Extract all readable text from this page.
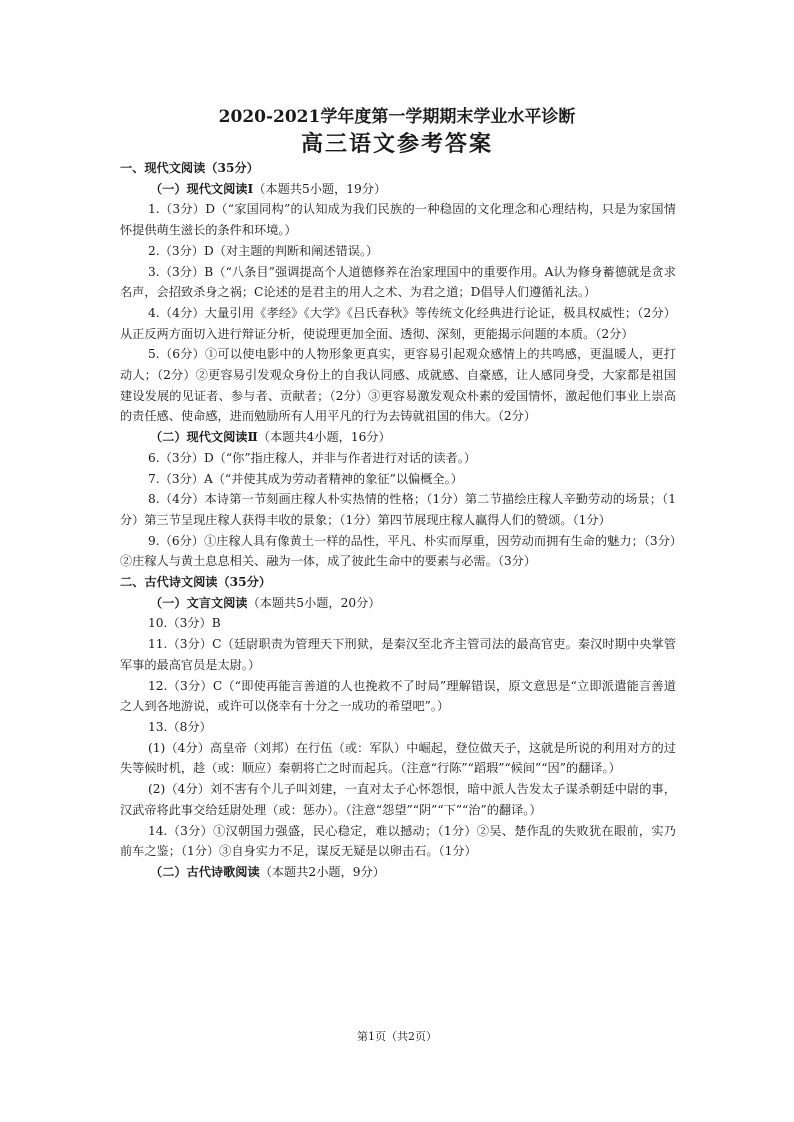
2020-2021学年度第一学期期末学业水平诊断
高三语文参考答案

一、现代文阅读（35分）

（一）现代文阅读Ⅰ（本题共5小题，19分）

1.（3分）D（“家国同构”的认知成为我们民族的一种稳固的文化理念和心理结构，只是为家国情怀提供萌生滋长的条件和环境。）

2.（3分）D（对主题的判断和阐述错误。）

3.（3分）B（“八条目”强调提高个人道德修养在治家理国中的重要作用。A认为修身蓄德就是贪求名声，会招致杀身之祸；C论述的是君主的用人之术、为君之道；D倡导人们遵循礼法。）

4.（4分）大量引用《孝经》《大学》《吕氏春秋》等传统文化经典进行论证，极具权威性；（2分）从正反两方面切入进行辩证分析，使说理更加全面、透彻、深刻，更能揭示问题的本质。（2分）

5.（6分）①可以使电影中的人物形象更真实，更容易引起观众感情上的共鸣感，更温暖人，更打动人；（2分）②更容易引发观众身份上的自我认同感、成就感、自豪感，让人感同身受，大家都是祖国建设发展的见证者、参与者、贡献者；（2分）③更容易激发观众朴素的爱国情怀，激起他们事业上崇高的责任感、使命感，进而勉励所有人用平凡的行为去铸就祖国的伟大。（2分）

（二）现代文阅读Ⅱ（本题共4小题，16分）

6.（3分）D（“你”指庄稼人，并非与作者进行对话的读者。）

7.（3分）A（“并使其成为劳动者精神的象征”以偏概全。）

8.（4分）本诗第一节刻画庄稼人朴实热情的性格；（1分）第二节描绘庄稼人辛勤劳动的场景；（1分）第三节呈现庄稼人获得丰收的景象；（1分）第四节展现庄稼人赢得人们的赞颂。（1分）

9.（6分）①庄稼人具有像黄土一样的品性，平凡、朴实而厚重，因劳动而拥有生命的魅力；（3分）②庄稼人与黄土息息相关、融为一体，成了彼此生命中的要素与必需。（3分）

二、古代诗文阅读（35分）

（一）文言文阅读（本题共5小题，20分）

10.（3分）B

11.（3分）C（廷尉职责为管理天下刑狱，是秦汉至北齐主管司法的最高官吏。秦汉时期中央掌管军事的最高官员是太尉。）

12.（3分）C（“即使再能言善道的人也挽救不了时局”理解错误，原文意思是“立即派遣能言善道之人到各地游说，或许可以侥幸有十分之一成功的希望吧”。）

13.（8分）

(1)（4分）高皇帝（刘邦）在行伍（或：军队）中崛起，登位做天子，这就是所说的利用对方的过失等候时机，趁（或：顺应）秦朝将亡之时而起兵。（注意“行陈”“蹈瑕”“候间”“因”的翻译。）

(2)（4分）刘不害有个儿子叫刘建，一直对太子心怀怨恨，暗中派人告发太子谋杀朝廷中尉的事，汉武帝将此事交给廷尉处理（或：惩办）。（注意“怨望”“阴”“下”“治”的翻译。）

14.（3分）①汉朝国力强盛，民心稳定，难以撼动；（1分）②吴、楚作乱的失败犹在眼前，实乃前车之鉴；（1分）③自身实力不足，谋反无疑是以卵击石。（1分）

（二）古代诗歌阅读（本题共2小题，9分）

第1页（共2页）
